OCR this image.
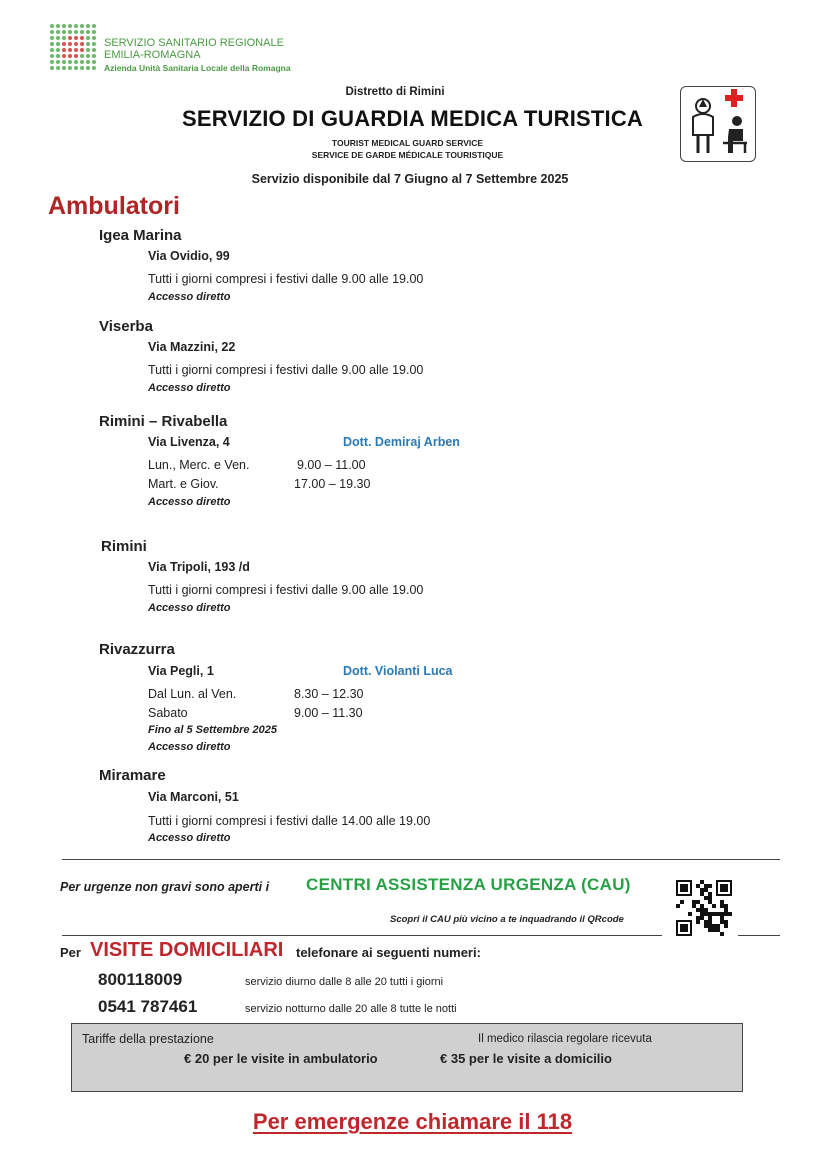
SERVIZIO SANITARIO REGIONALE
EMILIA-ROMAGNA
Azienda Unità Sanitaria Locale della Romagna
Distretto di Rimini
SERVIZIO DI GUARDIA MEDICA TURISTICA
TOURIST MEDICAL GUARD SERVICE
SERVICE DE GARDE MÉDICALE TOURISTIQUE
Servizio disponibile dal 7 Giugno al 7 Settembre 2025
Ambulatori
Igea Marina
Via Ovidio, 99
Tutti i giorni compresi i festivi dalle 9.00 alle 19.00
Accesso diretto
Viserba
Via Mazzini, 22
Tutti i giorni compresi i festivi dalle 9.00 alle 19.00
Accesso diretto
Rimini – Rivabella
Via Livenza, 4	Dott. Demiraj Arben
Lun., Merc. e Ven.	9.00 – 11.00
Mart. e Giov.	17.00 – 19.30
Accesso diretto
Rimini
Via Tripoli, 193 /d
Tutti i giorni compresi i festivi dalle 9.00 alle 19.00
Accesso diretto
Rivazzurra
Via Pegli, 1	Dott. Violanti Luca
Dal Lun. al Ven.	8.30 – 12.30
Sabato	9.00 – 11.30
Fino al 5 Settembre 2025
Accesso diretto
Miramare
Via Marconi, 51
Tutti i giorni compresi i festivi dalle 14.00 alle 19.00
Accesso diretto
Per urgenze non gravi sono aperti i CENTRI ASSISTENZA URGENZA (CAU)
Scopri il CAU più vicino a te inquadrando il QRcode
Per VISITE DOMICILIARI telefonare ai seguenti numeri:
800118009	servizio diurno dalle 8 alle 20 tutti i giorni
0541 787461	servizio notturno dalle 20 alle 8 tutte le notti
Tariffe della prestazione	Il medico rilascia regolare ricevuta
€ 20 per le visite in ambulatorio	€ 35 per le visite a domicilio
Per emergenze chiamare il 118
